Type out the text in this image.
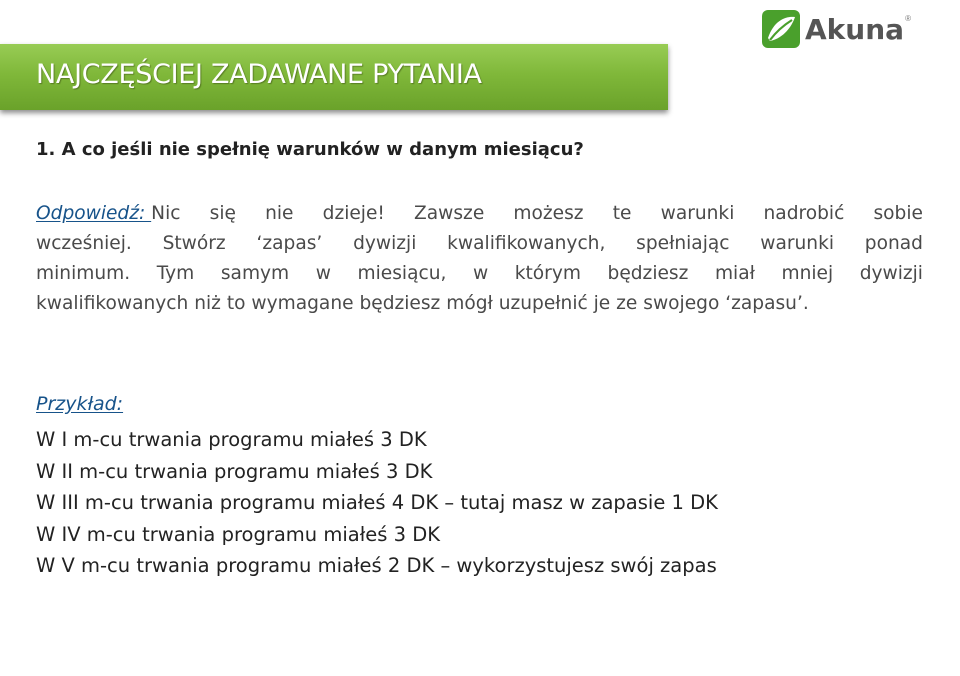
Akuna ®
NAJCZĘŚCIEJ ZADAWANE PYTANIA
1. A co jeśli nie spełnię warunków w danym miesiącu?
Odpowiedź: Nic się nie dzieje! Zawsze możesz te warunki nadrobić sobie
wcześniej. Stwórz ‘zapas’ dywizji kwalifikowanych, spełniając warunki ponad
minimum. Tym samym w miesiącu, w którym będziesz miał mniej dywizji
kwalifikowanych niż to wymagane będziesz mógł uzupełnić je ze swojego ‘zapasu’.
Przykład:
W I m-cu trwania programu miałeś 3 DK
W II m-cu trwania programu miałeś 3 DK
W III m-cu trwania programu miałeś 4 DK – tutaj masz w zapasie 1 DK
W IV m-cu trwania programu miałeś 3 DK
W V m-cu trwania programu miałeś 2 DK – wykorzystujesz swój zapas
